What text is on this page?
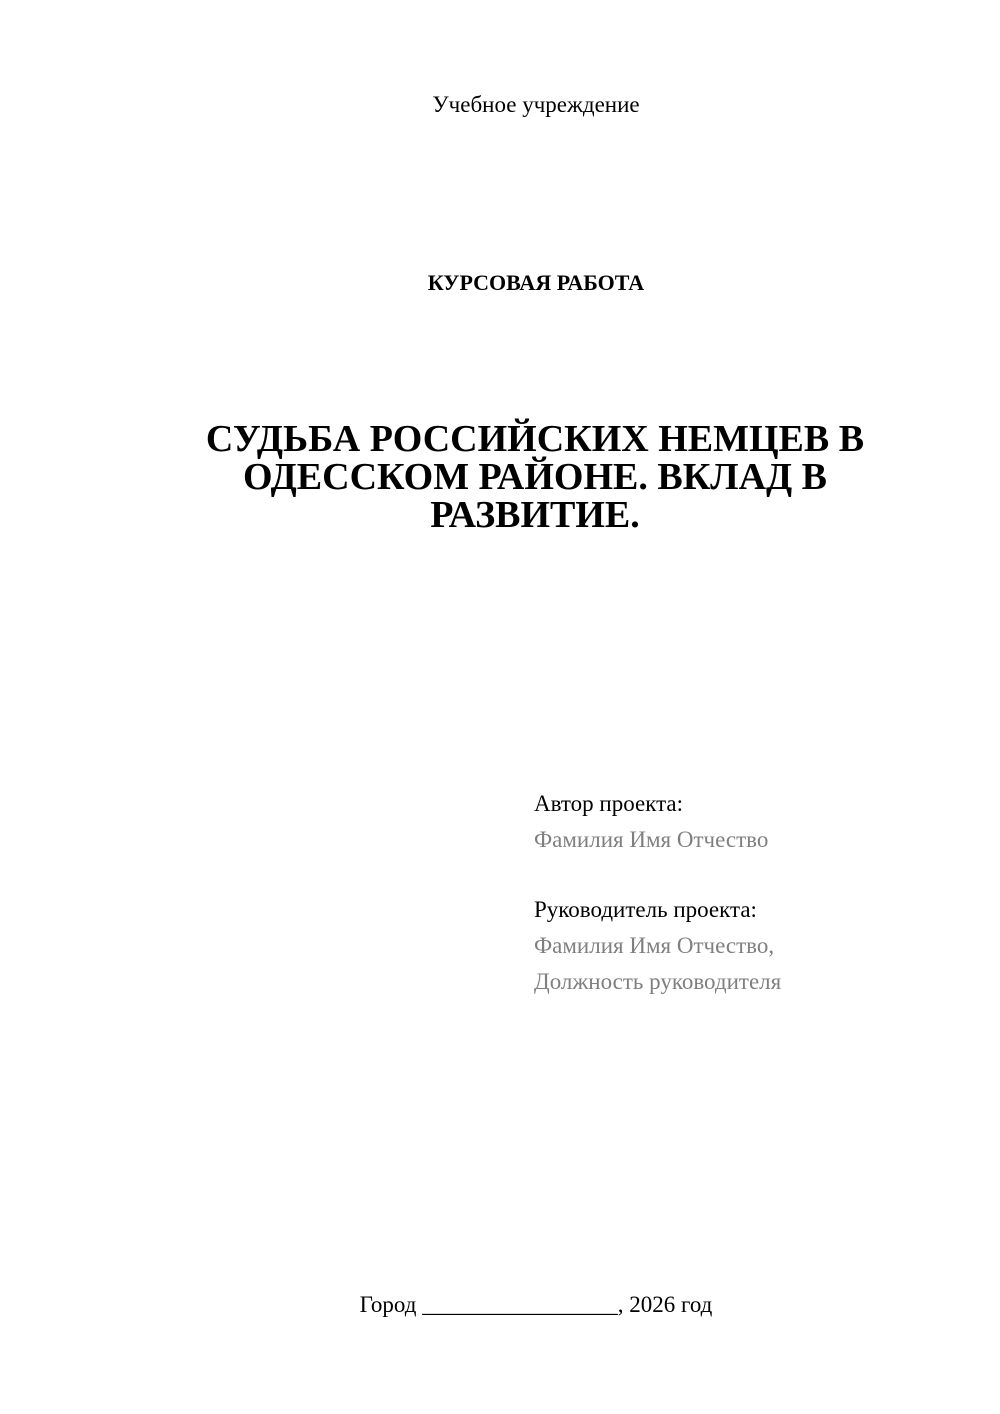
Учебное учреждение
КУРСОВАЯ РАБОТА
СУДЬБА РОССИЙСКИХ НЕМЦЕВ В
ОДЕССКОМ РАЙОНЕ. ВКЛАД В
РАЗВИТИЕ.
Автор проекта:
Фамилия Имя Отчество
Руководитель проекта:
Фамилия Имя Отчество,
Должность руководителя
Город _________________, 2026 год
